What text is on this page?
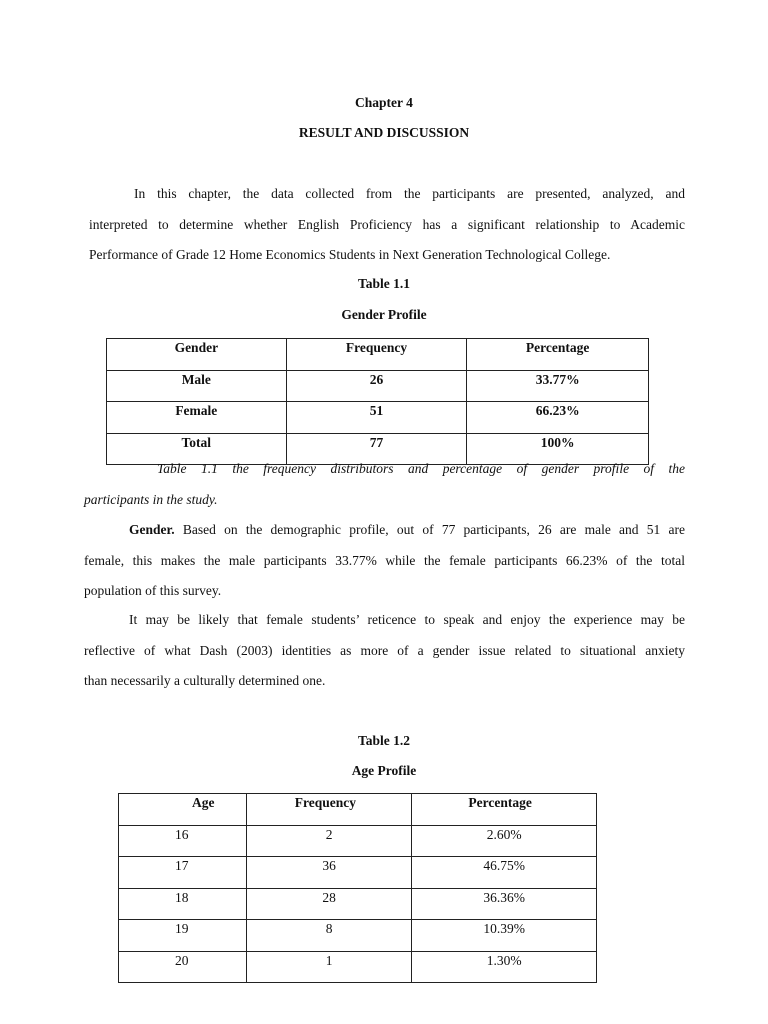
Chapter 4
RESULT AND DISCUSSION
In this chapter, the data collected from the participants are presented, analyzed, and
interpreted to determine whether English Proficiency has a significant relationship to Academic
Performance of Grade 12 Home Economics Students in Next Generation Technological College.
Table 1.1
Gender Profile
Gender	Frequency	Percentage
Male	26	33.77%
Female	51	66.23%
Total	77	100%
Table 1.1 the frequency distributors and percentage of gender profile of the
participants in the study.
Gender. Based on the demographic profile, out of 77 participants, 26 are male and 51 are
female, this makes the male participants 33.77% while the female participants 66.23% of the total
population of this survey.
It may be likely that female students’ reticence to speak and enjoy the experience may be
reflective of what Dash (2003) identities as more of a gender issue related to situational anxiety
than necessarily a culturally determined one.
Table 1.2
Age Profile
Age	Frequency	Percentage
16	2	2.60%
17	36	46.75%
18	28	36.36%
19	8	10.39%
20	1	1.30%
